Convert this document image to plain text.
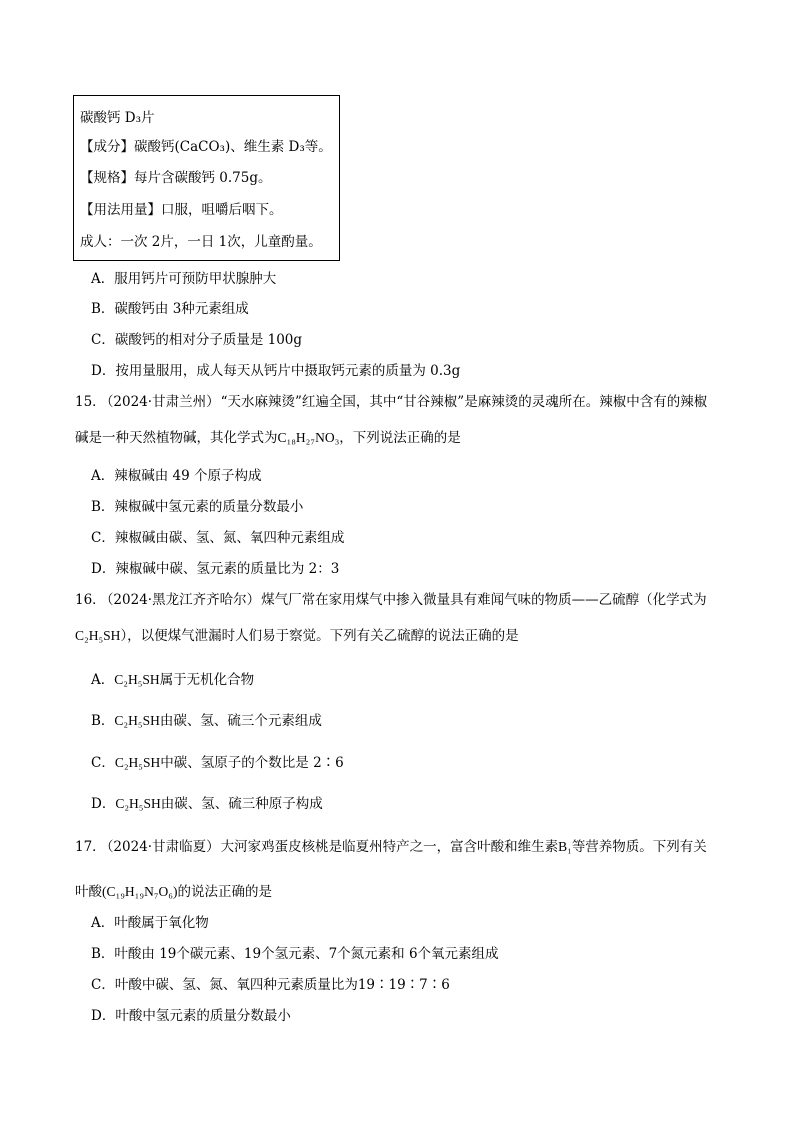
碳酸钙 D₃片
【成分】碳酸钙(CaCO₃)、维生素 D₃等。
【规格】每片含碳酸钙 0.75g。
【用法用量】口服，咀嚼后咽下。
成人：一次 2片，一日 1次，儿童酌量。
A．服用钙片可预防甲状腺肿大
B．碳酸钙由 3种元素组成
C．碳酸钙的相对分子质量是 100g
D．按用量服用，成人每天从钙片中摄取钙元素的质量为 0.3g
15．（2024·甘肃兰州）“天水麻辣烫”红遍全国，其中“甘谷辣椒”是麻辣烫的灵魂所在。辣椒中含有的辣椒
碱是一种天然植物碱，其化学式为C₁₈H₂₇NO₃，下列说法正确的是
A．辣椒碱由 49 个原子构成
B．辣椒碱中氢元素的质量分数最小
C．辣椒碱由碳、氢、氮、氧四种元素组成
D．辣椒碱中碳、氢元素的质量比为 2：3
16．（2024·黑龙江齐齐哈尔）煤气厂常在家用煤气中掺入微量具有难闻气味的物质——乙硫醇（化学式为
C₂H₅SH），以便煤气泄漏时人们易于察觉。下列有关乙硫醇的说法正确的是
A．C₂H₅SH属于无机化合物
B．C₂H₅SH由碳、氢、硫三个元素组成
C．C₂H₅SH中碳、氢原子的个数比是 2∶6
D．C₂H₅SH由碳、氢、硫三种原子构成
17．（2024·甘肃临夏）大河家鸡蛋皮核桃是临夏州特产之一，富含叶酸和维生素B₁等营养物质。下列有关
叶酸(C₁₉H₁₉N₇O₆)的说法正确的是
A．叶酸属于氧化物
B．叶酸由 19个碳元素、19个氢元素、7个氮元素和 6个氧元素组成
C．叶酸中碳、氢、氮、氧四种元素质量比为19∶19∶7∶6
D．叶酸中氢元素的质量分数最小
